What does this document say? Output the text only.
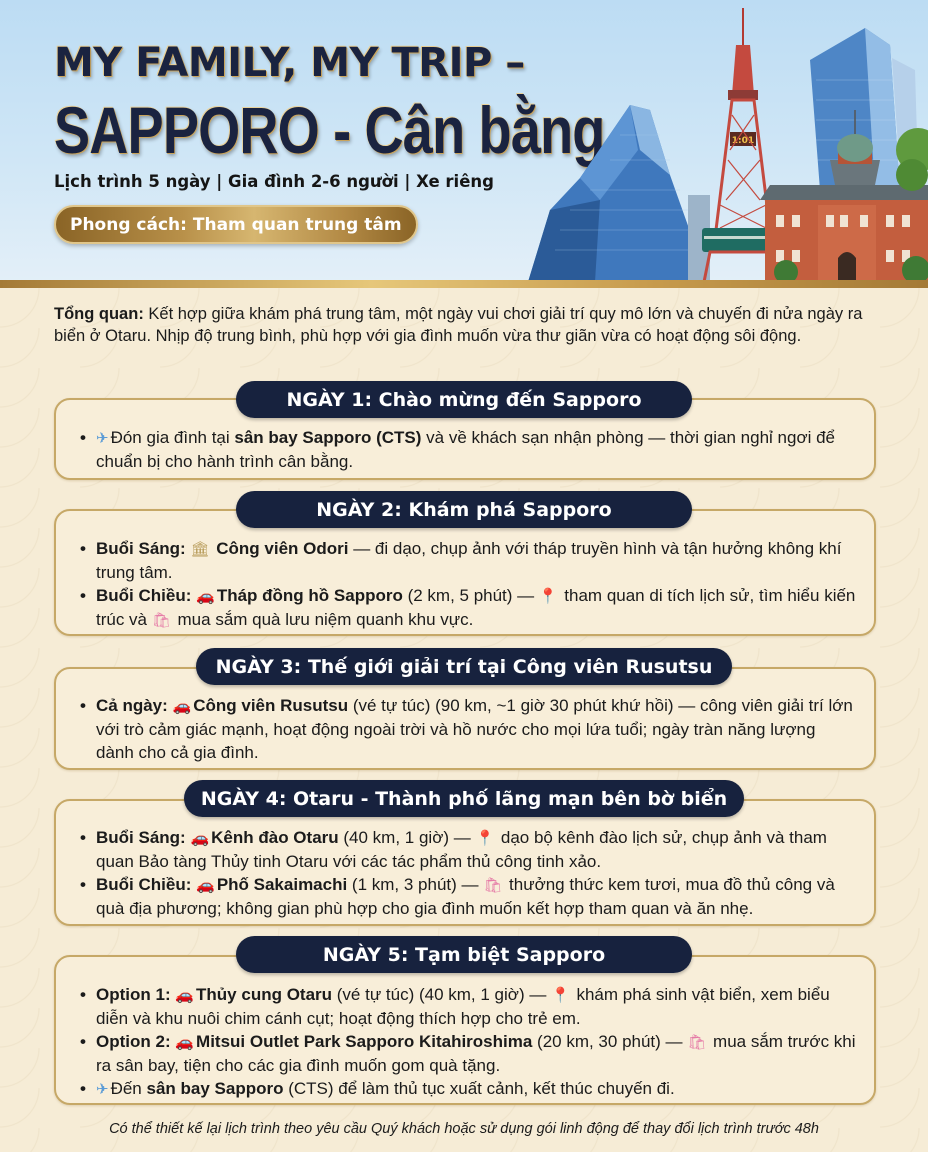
MY FAMILY, MY TRIP –
SAPPORO - Cân bằng
Lịch trình 5 ngày | Gia đình 2-6 người | Xe riêng
Phong cách: Tham quan trung tâm
1:01
Tổng quan: Kết hợp giữa khám phá trung tâm, một ngày vui chơi giải trí quy mô lớn và chuyến đi nửa ngày ra biển ở Otaru. Nhịp độ trung bình, phù hợp với gia đình muốn vừa thư giãn vừa có hoạt động sôi động.
• ✈ Đón gia đình tại sân bay Sapporo (CTS) và về khách sạn nhận phòng — thời gian nghỉ ngơi để chuẩn bị cho hành trình cân bằng.
NGÀY 1: Chào mừng đến Sapporo
• Buổi Sáng: 🏛 Công viên Odori — đi dạo, chụp ảnh với tháp truyền hình và tận hưởng không khí trung tâm.
• Buổi Chiều: 🚗 Tháp đồng hồ Sapporo (2 km, 5 phút) — 📍 tham quan di tích lịch sử, tìm hiểu kiến trúc và 🛍 mua sắm quà lưu niệm quanh khu vực.
NGÀY 2: Khám phá Sapporo
• Cả ngày: 🚗 Công viên Rusutsu (vé tự túc) (90 km, ~1 giờ 30 phút khứ hồi) — công viên giải trí lớn với trò cảm giác mạnh, hoạt động ngoài trời và hồ nước cho mọi lứa tuổi; ngày tràn năng lượng dành cho cả gia đình.
NGÀY 3: Thế giới giải trí tại Công viên Rusutsu
• Buổi Sáng: 🚗 Kênh đào Otaru (40 km, 1 giờ) — 📍 dạo bộ kênh đào lịch sử, chụp ảnh và tham quan Bảo tàng Thủy tinh Otaru với các tác phẩm thủ công tinh xảo.
• Buổi Chiều: 🚗 Phố Sakaimachi (1 km, 3 phút) — 🛍 thưởng thức kem tươi, mua đồ thủ công và quà địa phương; không gian phù hợp cho gia đình muốn kết hợp tham quan và ăn nhẹ.
NGÀY 4: Otaru - Thành phố lãng mạn bên bờ biển
• Option 1: 🚗 Thủy cung Otaru (vé tự túc) (40 km, 1 giờ) — 📍 khám phá sinh vật biển, xem biểu diễn và khu nuôi chim cánh cụt; hoạt động thích hợp cho trẻ em.
• Option 2: 🚗 Mitsui Outlet Park Sapporo Kitahiroshima (20 km, 30 phút) — 🛍 mua sắm trước khi ra sân bay, tiện cho các gia đình muốn gom quà tặng.
• ✈ Đến sân bay Sapporo (CTS) để làm thủ tục xuất cảnh, kết thúc chuyến đi.
NGÀY 5: Tạm biệt Sapporo
Có thể thiết kế lại lịch trình theo yêu cầu Quý khách hoặc sử dụng gói linh động để thay đổi lịch trình trước 48h
